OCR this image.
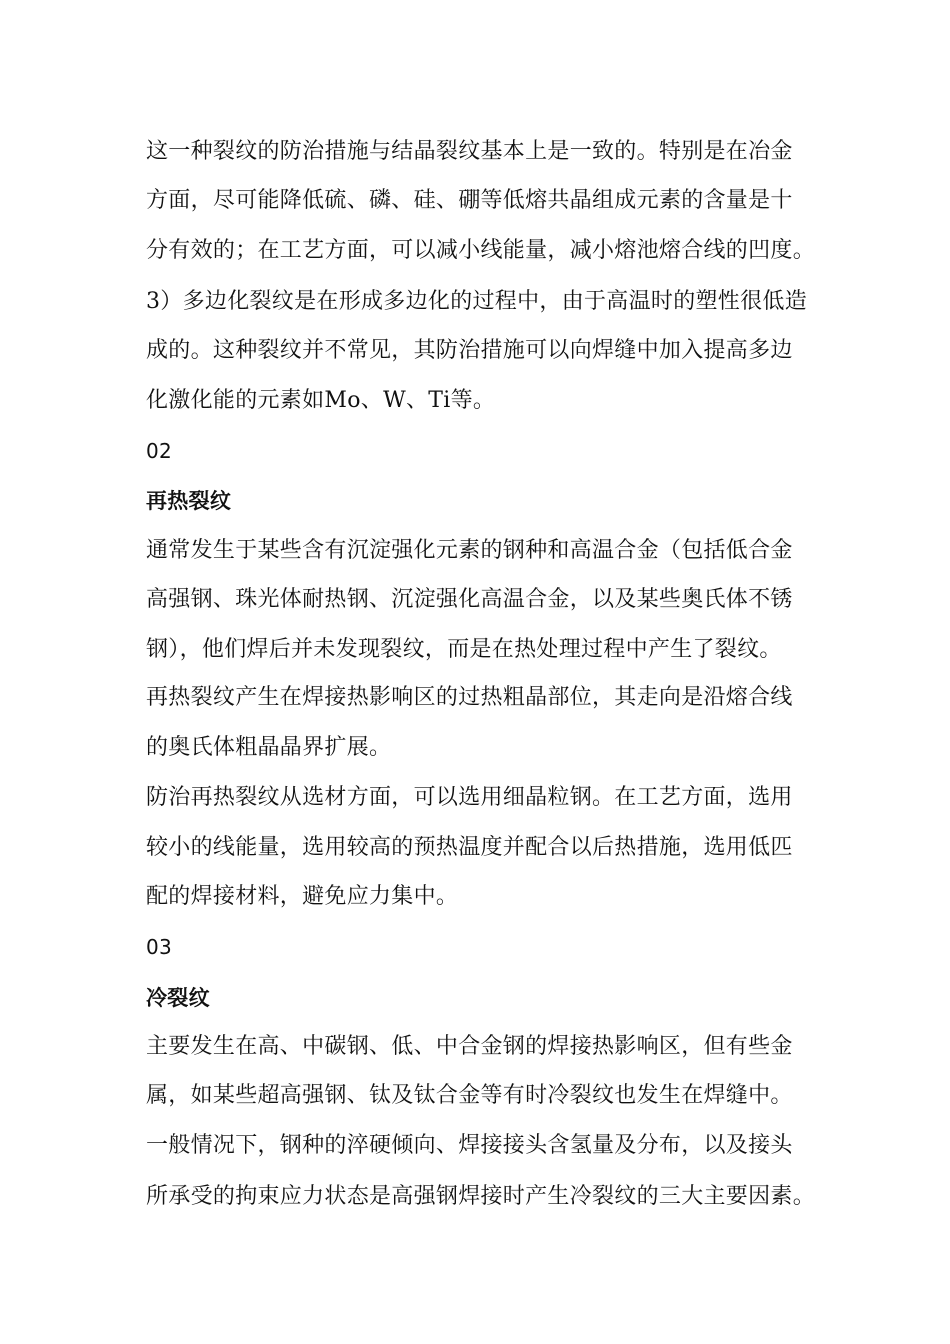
这一种裂纹的防治措施与结晶裂纹基本上是一致的。特别是在冶金
方面，尽可能降低硫、磷、硅、硼等低熔共晶组成元素的含量是十
分有效的；在工艺方面，可以减小线能量，减小熔池熔合线的凹度。
3）多边化裂纹是在形成多边化的过程中，由于高温时的塑性很低造
成的。这种裂纹并不常见，其防治措施可以向焊缝中加入提高多边
化激化能的元素如Mo、W、Ti等。
02
再热裂纹
通常发生于某些含有沉淀强化元素的钢种和高温合金（包括低合金
高强钢、珠光体耐热钢、沉淀强化高温合金，以及某些奥氏体不锈
钢），他们焊后并未发现裂纹，而是在热处理过程中产生了裂纹。
再热裂纹产生在焊接热影响区的过热粗晶部位，其走向是沿熔合线
的奥氏体粗晶晶界扩展。
防治再热裂纹从选材方面，可以选用细晶粒钢。在工艺方面，选用
较小的线能量，选用较高的预热温度并配合以后热措施，选用低匹
配的焊接材料，避免应力集中。
03
冷裂纹
主要发生在高、中碳钢、低、中合金钢的焊接热影响区，但有些金
属，如某些超高强钢、钛及钛合金等有时冷裂纹也发生在焊缝中。
一般情况下，钢种的淬硬倾向、焊接接头含氢量及分布，以及接头
所承受的拘束应力状态是高强钢焊接时产生冷裂纹的三大主要因素。
